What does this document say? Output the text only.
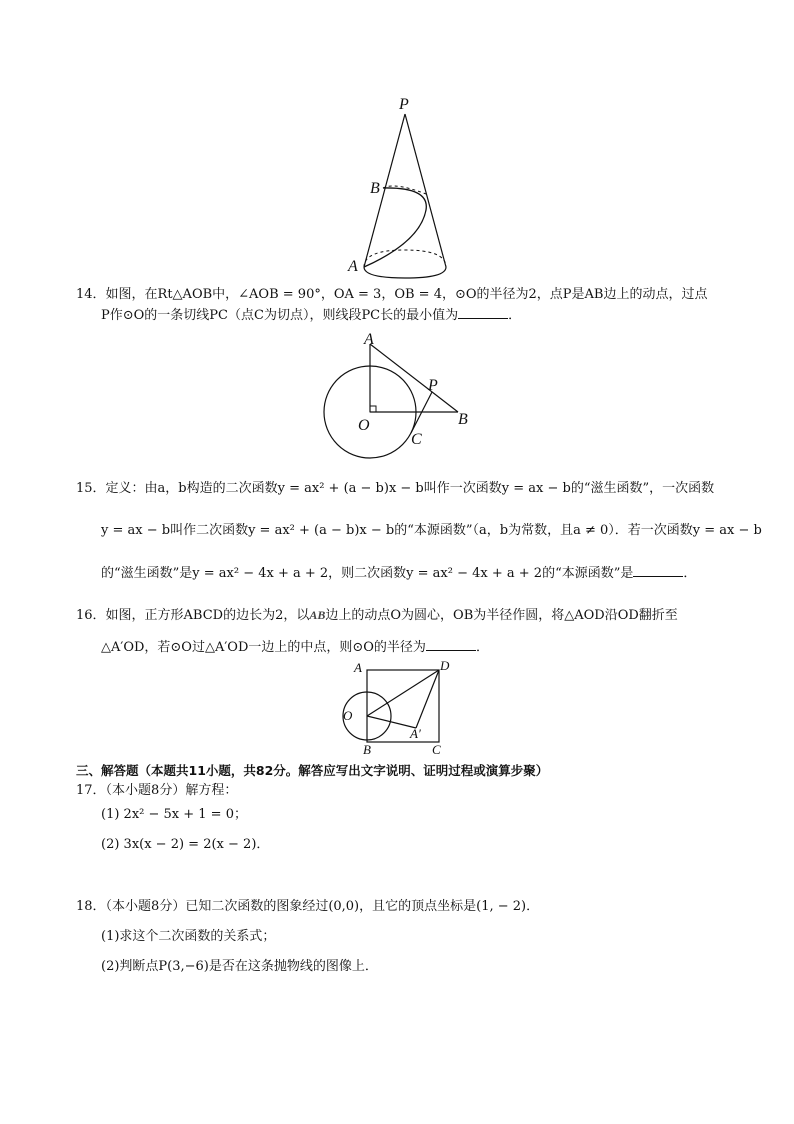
P
B
A
14．如图，在Rt△AOB中，∠AOB = 90°，OA = 3，OB = 4，⊙O的半径为2，点P是AB边上的动点，过点
P作⊙O的一条切线PC（点C为切点），则线段PC长的最小值为	．
A
O
P
B
C
15．定义：由a，b构造的二次函数y = ax² + (a − b)x − b叫作一次函数y = ax − b的“滋生函数”，一次函数
y = ax − b叫作二次函数y = ax² + (a − b)x − b的“本源函数”（a，b为常数，且a ≠ 0）．若一次函数y = ax − b
的“滋生函数”是y = ax² − 4x + a + 2，则二次函数y = ax² − 4x + a + 2的“本源函数”是	．
16．如图，正方形ABCD的边长为2，以AB边上的动点O为圆心，OB为半径作圆，将△AOD沿OD翻折至
△A′OD，若⊙O过△A′OD一边上的中点，则⊙O的半径为	．
A	D
O
A′
B	C
三、解答题（本题共11小题，共82分。解答应写出文字说明、证明过程或演算步聚）
17．（本小题8分）解方程：
(1) 2x² − 5x + 1 = 0；
(2) 3x(x − 2) = 2(x − 2)．
18．（本小题8分）已知二次函数的图象经过(0,0)，且它的顶点坐标是(1, − 2)．
(1)求这个二次函数的关系式；
(2)判断点P(3,−6)是否在这条抛物线的图像上．
